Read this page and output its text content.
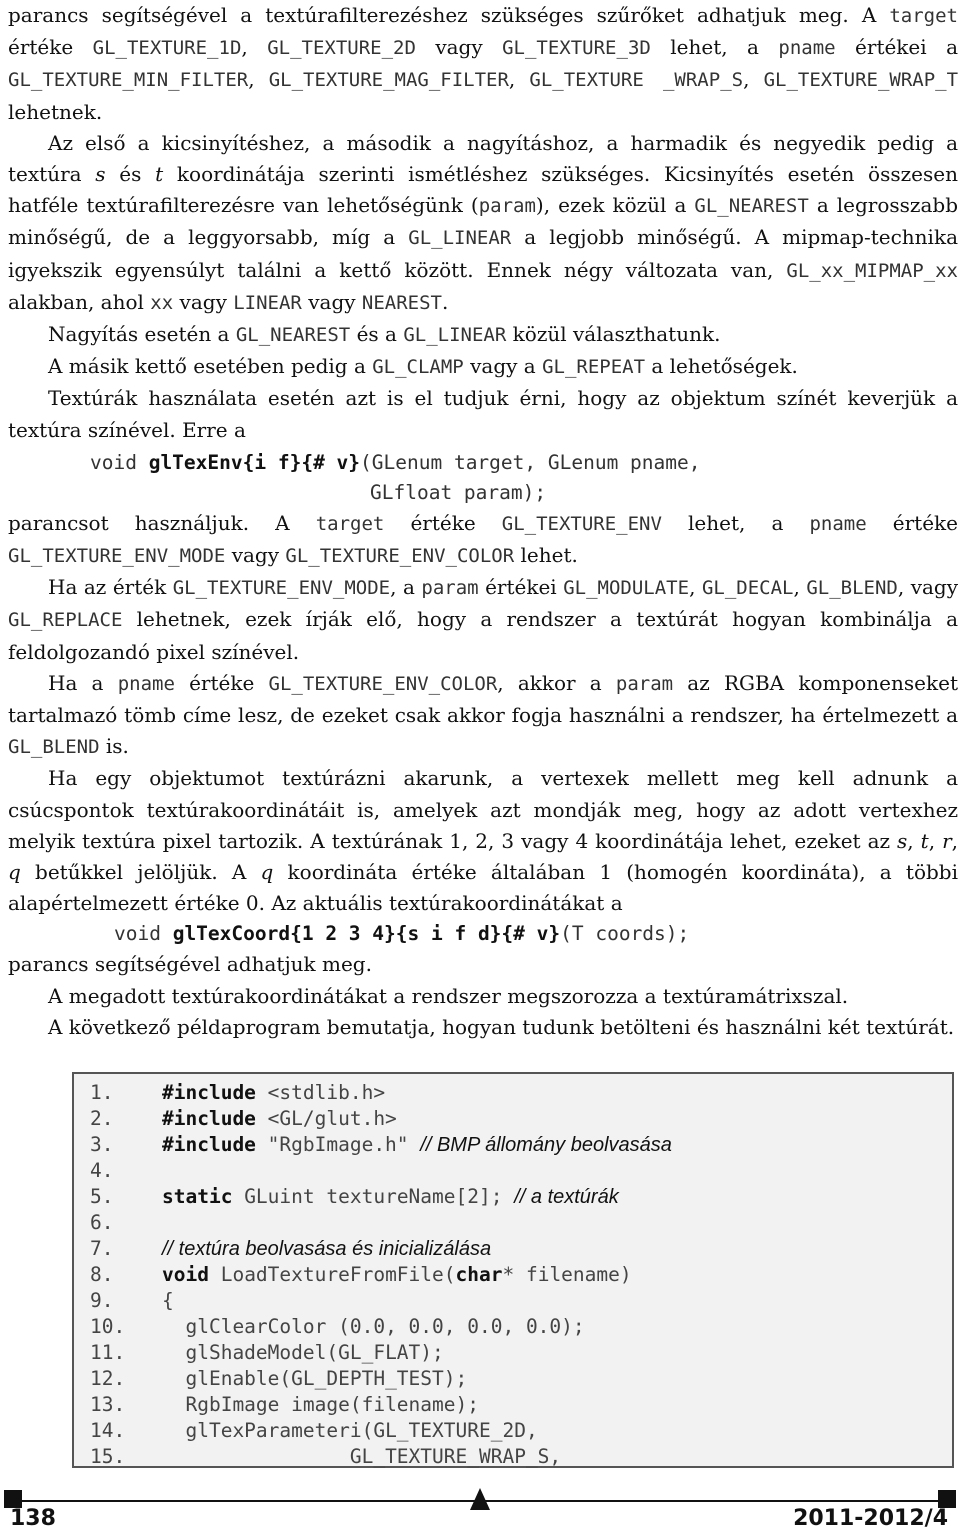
parancs segítségével a textúrafilterezéshez szükséges szűrőket adhatjuk meg. A target értéke GL_TEXTURE_1D, GL_TEXTURE_2D vagy GL_TEXTURE_3D lehet, a pname értékei a GL_TEXTURE_MIN_FILTER, GL_TEXTURE_MAG_FILTER, GL_TEXTURE _WRAP_S, GL_TEXTURE_WRAP_T lehetnek.

Az első a kicsinyítéshez, a második a nagyításhoz, a harmadik és negyedik pedig a textúra s és t koordinátája szerinti ismétléshez szükséges. Kicsinyítés esetén összesen hatféle textúrafilterezésre van lehetőségünk (param), ezek közül a GL_NEAREST a legrosszabb minőségű, de a leggyorsabb, míg a GL_LINEAR a legjobb minőségű. A mipmap-technika igyekszik egyensúlyt találni a kettő között. Ennek négy változata van, GL_xx_MIPMAP_xx alakban, ahol xx vagy LINEAR vagy NEAREST.

Nagyítás esetén a GL_NEAREST és a GL_LINEAR közül választhatunk.

A másik kettő esetében pedig a GL_CLAMP vagy a GL_REPEAT a lehetőségek.

Textúrák használata esetén azt is el tudjuk érni, hogy az objektum színét keverjük a textúra színével. Erre a

void glTexEnv{i f}{# v}(GLenum target, GLenum pname,

GLfloat param);

parancsot használjuk. A target értéke GL_TEXTURE_ENV lehet, a pname értéke GL_TEXTURE_ENV_MODE vagy GL_TEXTURE_ENV_COLOR lehet.

Ha az érték GL_TEXTURE_ENV_MODE, a param értékei GL_MODULATE, GL_DECAL, GL_BLEND, vagy GL_REPLACE lehetnek, ezek írják elő, hogy a rendszer a textúrát hogyan kombinálja a feldolgozandó pixel színével.

Ha a pname értéke GL_TEXTURE_ENV_COLOR, akkor a param az RGBA komponenseket tartalmazó tömb címe lesz, de ezeket csak akkor fogja használni a rendszer, ha értelmezett a GL_BLEND is.

Ha egy objektumot textúrázni akarunk, a vertexek mellett meg kell adnunk a csúcspontok textúrakoordinátáit is, amelyek azt mondják meg, hogy az adott vertexhez melyik textúra pixel tartozik. A textúrának 1, 2, 3 vagy 4 koordinátája lehet, ezeket az s, t, r, q betűkkel jelöljük. A q koordináta értéke általában 1 (homogén koordináta), a többi alapértelmezett értéke 0. Az aktuális textúrakoordinátákat a

void glTexCoord{1 2 3 4}{s i f d}{# v}(T coords);

parancs segítségével adhatjuk meg.

A megadott textúrakoordinátákat a rendszer megszorozza a textúramátrixszal.

A következő példaprogram bemutatja, hogyan tudunk betölteni és használni két textúrát.

1. #include <stdlib.h>
2. #include <GL/glut.h>
3. #include "RgbImage.h" // BMP állomány beolvasása
4.
5. static GLuint textureName[2]; // a textúrák
6.
7. // textúra beolvasása és inicializálása
8. void LoadTextureFromFile(char* filename)
9. {
10.	glClearColor (0.0, 0.0, 0.0, 0.0);
11.	glShadeModel(GL_FLAT);
12.	glEnable(GL_DEPTH_TEST);
13.	RgbImage image(filename);
14.	glTexParameteri(GL_TEXTURE_2D,
15.	GL_TEXTURE_WRAP_S,
138	2011-2012/4
